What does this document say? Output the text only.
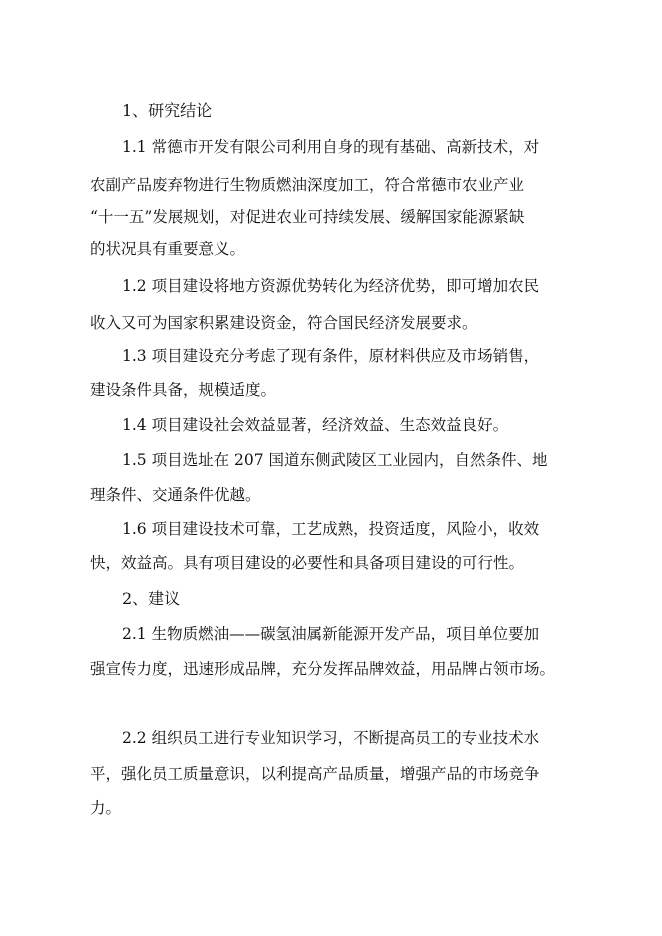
1、研究结论

1.1 常德市开发有限公司利用自身的现有基础、高新技术，对

农副产品废弃物进行生物质燃油深度加工，符合常德市农业产业

“十一五”发展规划，对促进农业可持续发展、缓解国家能源紧缺

的状况具有重要意义。

1.2 项目建设将地方资源优势转化为经济优势，即可增加农民

收入又可为国家积累建设资金，符合国民经济发展要求。

1.3 项目建设充分考虑了现有条件，原材料供应及市场销售，

建设条件具备，规模适度。

1.4 项目建设社会效益显著，经济效益、生态效益良好。

1.5 项目选址在 207 国道东侧武陵区工业园内，自然条件、地

理条件、交通条件优越。

1.6 项目建设技术可靠，工艺成熟，投资适度，风险小，收效

快，效益高。具有项目建设的必要性和具备项目建设的可行性。

2、建议

2.1 生物质燃油——碳氢油属新能源开发产品，项目单位要加

强宣传力度，迅速形成品牌，充分发挥品牌效益，用品牌占领市场。

2.2 组织员工进行专业知识学习，不断提高员工的专业技术水

平，强化员工质量意识，以利提高产品质量，增强产品的市场竞争

力。
